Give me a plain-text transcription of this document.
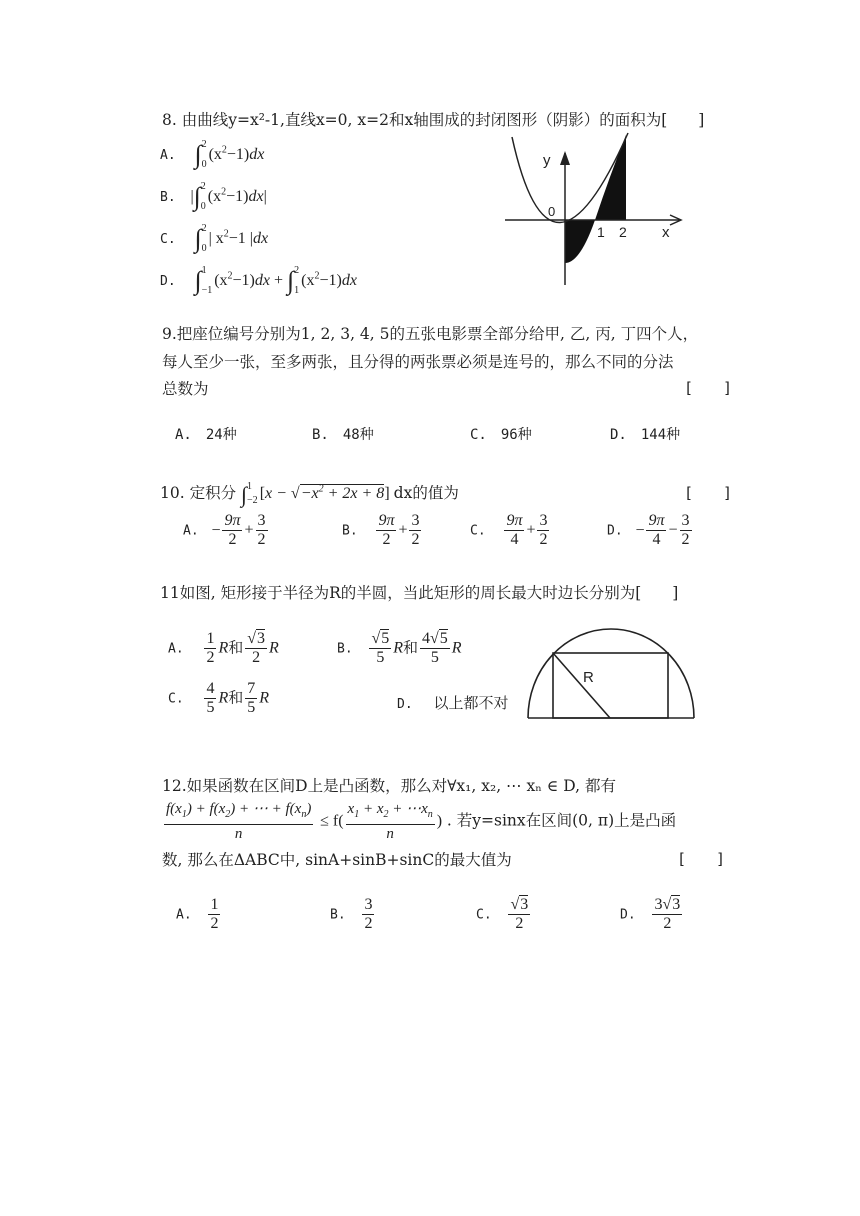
8. 由曲线y=x²-1,直线x=0, x=2和x轴围成的封闭图形（阴影）的面积为[　　]
A. ∫ 2
0
$(x^2-1)dx$
B. |∫ 2
0
$(x^2-1)dx|$
C. ∫ 2
0
| $x^2-1$ |dx
D. ∫ 1
−1
$(x^2-1)dx$ + ∫ 2
1
$(x^2-1)dx$
y
0
1 2 x
9.把座位编号分别为1, 2, 3, 4, 5的五张电影票全部分给甲, 乙, 丙, 丁四个人，
每人至少一张，至多两张，且分得的两张票必须是连号的，那么不同的分法
总数为	[　　]
A.　24种	B.　48种	C.　96种	D.　144种
10. 定积分 ∫ 1
−2 $[x - √-x^2 + 2x + 8]$ dx的值为	[　　]
A. − $\frac{9\pi}{2} + \frac{3}{2}$	B. $\frac{9\pi}{2} + \frac{3}{2}$	C. $\frac{9\pi}{4} + \frac{3}{2}$	D. − $\frac{9\pi}{4} - \frac{3}{2}$
11如图, 矩形接于半径为R的半圆，当此矩形的周长最大时边长分别为[　　]
A. $\frac{1}{2}$ R和 $\frac{√3}{2}$ R	B. $\frac{√5}{5}$ R和 $\frac{4√5}{5}$ R
C. $\frac{4}{5}$ R和 $\frac{7}{5}$ R	D. 以上都不对
R
12.如果函数在区间D上是凸函数，那么对∀x₁, x₂, ⋯ xₙ ∈ D, 都有
$\frac{f(x_1) + f(x_2) + \cdots + f(x_n)}{n} \le f( \frac{x_1 + x_2 + \cdots x_n}{n}$ ) . 若y=sinx在区间(0, π)上是凸函
数, 那么在ΔABC中, sinA+sinB+sinC的最大值为	[　　]
A. $\frac{1}{2}$	B. $\frac{3}{2}$	C. $\frac{√3}{2}$	D. $\frac{3√3}{2}$
